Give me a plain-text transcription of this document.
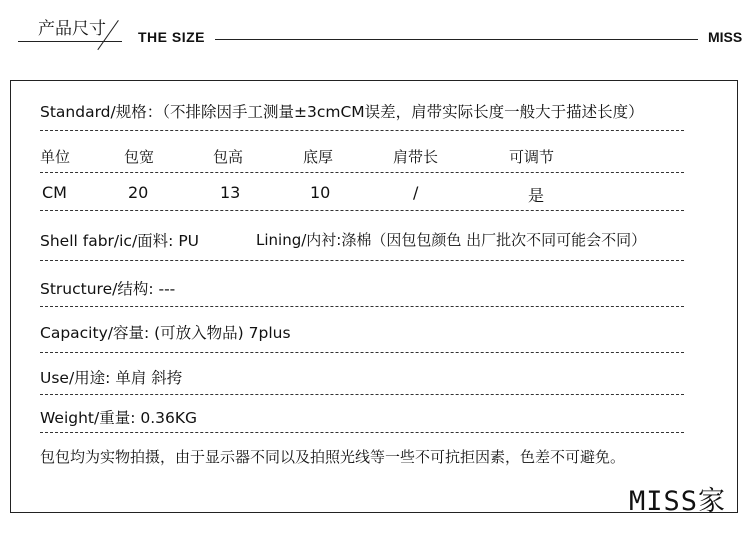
产品尺寸 THE SIZE	MISS
Standard/规格：（不排除因手工测量±3cmCM误差，肩带实际长度一般大于描述长度）
单位	包宽	包高	底厚	肩带长	可调节
CM	20	13	10	/	是
Shell fabr/ic/面料: PU	Lining/内衬:涤棉（因包包颜色 出厂批次不同可能会不同）
Structure/结构: ---
Capacity/容量: (可放入物品) 7plus
Use/用途: 单肩 斜挎
Weight/重量: 0.36KG
包包均为实物拍摄，由于显示器不同以及拍照光线等一些不可抗拒因素，色差不可避免。
MISS家
